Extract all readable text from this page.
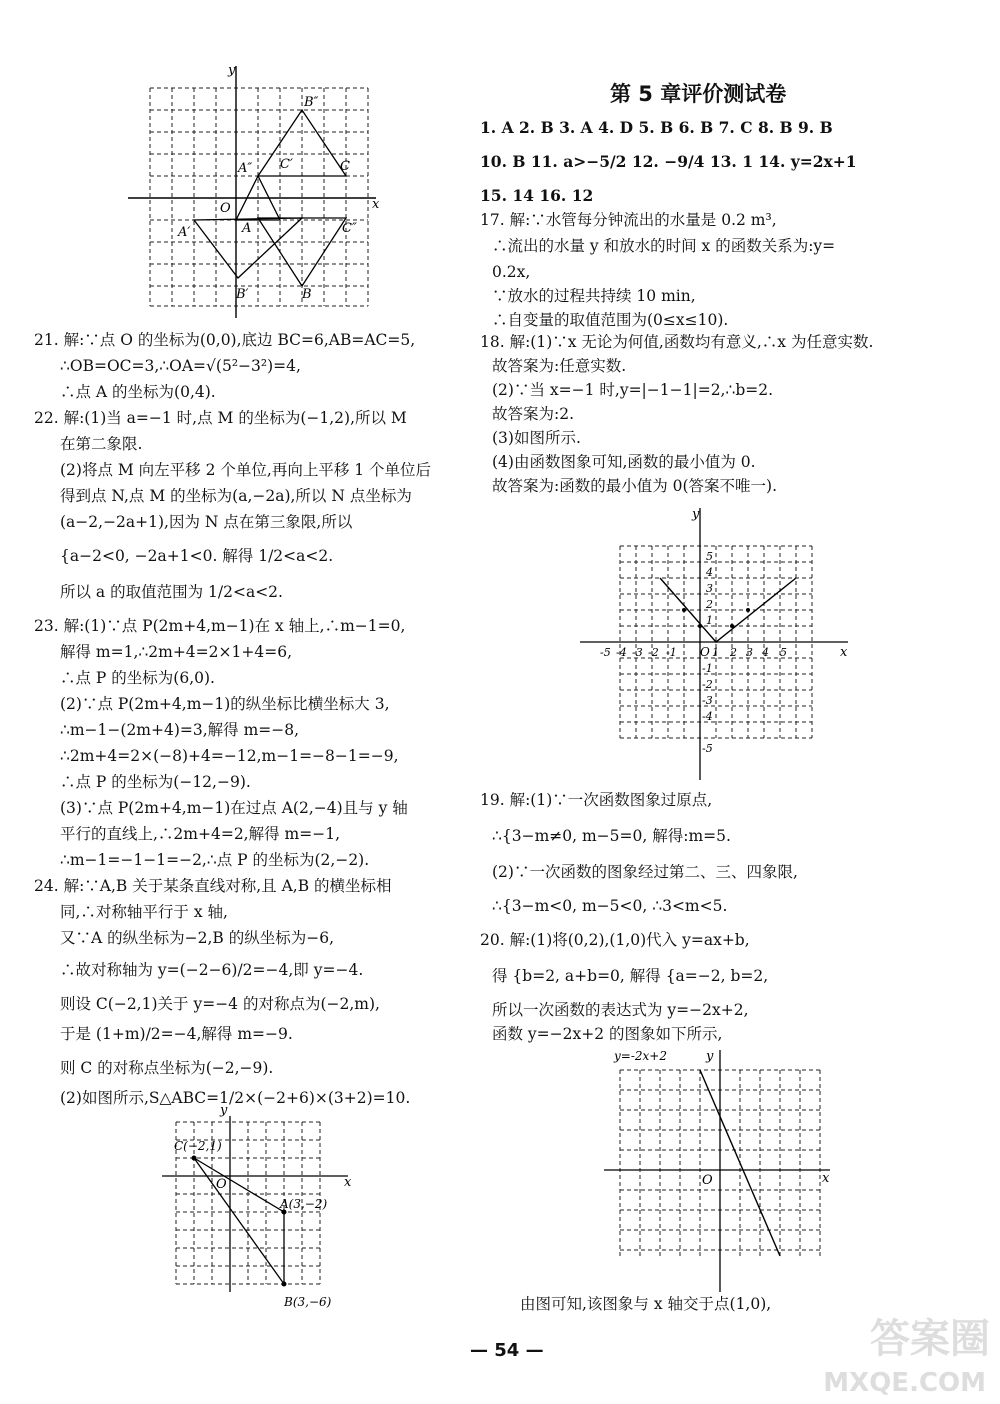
y
x
O
B″
A″ C′	C
A′	A	C″
B′	B
21. 解:∵点 O 的坐标为(0,0),底边 BC=6,AB=AC=5,
∴OB=OC=3,∴OA=√(5²−3²)=4,
∴点 A 的坐标为(0,4).
22. 解:(1)当 a=−1 时,点 M 的坐标为(−1,2),所以 M
在第二象限.
(2)将点 M 向左平移 2 个单位,再向上平移 1 个单位后
得到点 N,点 M 的坐标为(a,−2a),所以 N 点坐标为
(a−2,−2a+1),因为 N 点在第三象限,所以
{a−2<0, −2a+1<0. 解得 1/2<a<2.
所以 a 的取值范围为 1/2<a<2.
23. 解:(1)∵点 P(2m+4,m−1)在 x 轴上,∴m−1=0,
解得 m=1,∴2m+4=2×1+4=6,
∴点 P 的坐标为(6,0).
(2)∵点 P(2m+4,m−1)的纵坐标比横坐标大 3,
∴m−1−(2m+4)=3,解得 m=−8,
∴2m+4=2×(−8)+4=−12,m−1=−8−1=−9,
∴点 P 的坐标为(−12,−9).
(3)∵点 P(2m+4,m−1)在过点 A(2,−4)且与 y 轴
平行的直线上,∴2m+4=2,解得 m=−1,
∴m−1=−1−1=−2,∴点 P 的坐标为(2,−2).
24. 解:∵A,B 关于某条直线对称,且 A,B 的横坐标相
同,∴对称轴平行于 x 轴,
又∵A 的纵坐标为−2,B 的纵坐标为−6,
∴故对称轴为 y=(−2−6)/2=−4,即 y=−4.
则设 C(−2,1)关于 y=−4 的对称点为(−2,m),
于是 (1+m)/2=−4,解得 m=−9.
则 C 的对称点坐标为(−2,−9).
(2)如图所示,S△ABC=1/2×(−2+6)×(3+2)=10.
y
x
O
C(−2,1)
A(3,−2)
B(3,−6)
第 5 章评价测试卷
1. A 2. B 3. A 4. D 5. B 6. B 7. C 8. B 9. B
10. B 11. a>−5/2 12. −9/4 13. 1 14. y=2x+1
15. 14 16. 12
17. 解:∵水管每分钟流出的水量是 0.2 m³,
∴流出的水量 y 和放水的时间 x 的函数关系为:y=
0.2x,
∵放水的过程共持续 10 min,
∴自变量的取值范围为(0≤x≤10).
18. 解:(1)∵x 无论为何值,函数均有意义,∴x 为任意实数.
故答案为:任意实数.
(2)∵当 x=−1 时,y=|−1−1|=2,∴b=2.
故答案为:2.
(3)如图所示.
(4)由函数图象可知,函数的最小值为 0.
故答案为:函数的最小值为 0(答案不唯一).
19. 解:(1)∵一次函数图象过原点,
∴{3−m≠0, m−5=0, 解得:m=5.
(2)∵一次函数的图象经过第二、三、四象限,
∴{3−m<0, m−5<0, ∴3<m<5.
20. 解:(1)将(0,2),(1,0)代入 y=ax+b,
得 {b=2, a+b=0, 解得 {a=−2, b=2,
所以一次函数的表达式为 y=−2x+2,
函数 y=−2x+2 的图象如下所示,
由图可知,该图象与 x 轴交于点(1,0),
y
x
O
5
4
3
2
1
-1
-2
-3
-4
-5
-5 -4 -3 -2 -1	1 2 3 4 5
y=-2x+2	y
x
O
— 54 —	答案圈
MXQE.COM
